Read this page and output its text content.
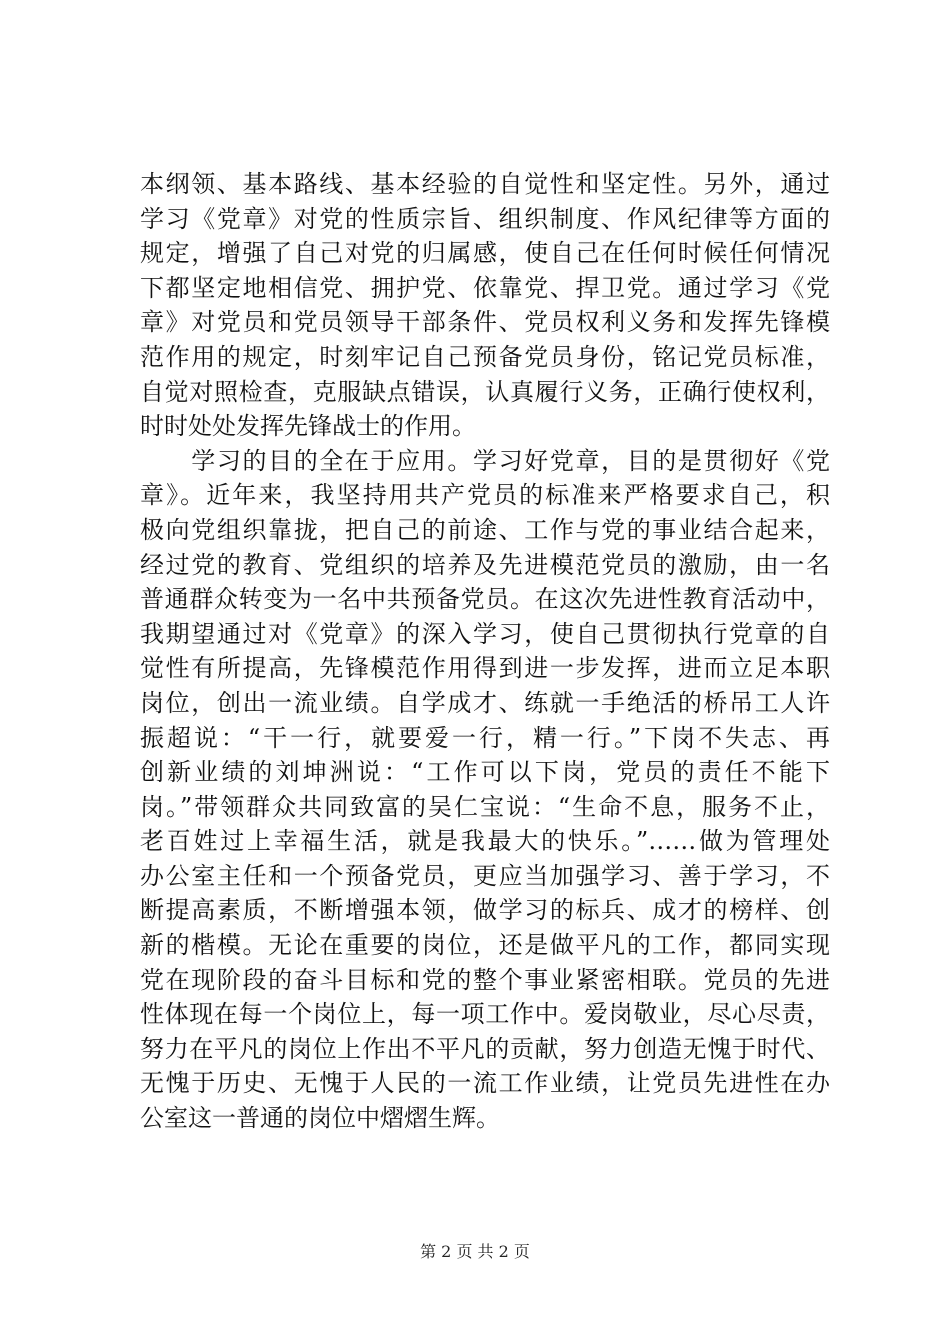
本纲领、基本路线、基本经验的自觉性和坚定性。另外，通过
学习《党章》对党的性质宗旨、组织制度、作风纪律等方面的
规定，增强了自己对党的归属感，使自己在任何时候任何情况
下都坚定地相信党、拥护党、依靠党、捍卫党。通过学习《党
章》对党员和党员领导干部条件、党员权利义务和发挥先锋模
范作用的规定，时刻牢记自己预备党员身份，铭记党员标准，
自觉对照检查，克服缺点错误，认真履行义务，正确行使权利，
时时处处发挥先锋战士的作用。
　　学习的目的全在于应用。学习好党章，目的是贯彻好《党
章》。近年来，我坚持用共产党员的标准来严格要求自己，积
极向党组织靠拢，把自己的前途、工作与党的事业结合起来，
经过党的教育、党组织的培养及先进模范党员的激励，由一名
普通群众转变为一名中共预备党员。在这次先进性教育活动中，
我期望通过对《党章》的深入学习，使自己贯彻执行党章的自
觉性有所提高，先锋模范作用得到进一步发挥，进而立足本职
岗位，创出一流业绩。自学成才、练就一手绝活的桥吊工人许
振超说：“干一行，就要爱一行，精一行。”下岗不失志、再
创新业绩的刘坤洲说：“工作可以下岗，党员的责任不能下
岗。”带领群众共同致富的吴仁宝说：“生命不息，服务不止，
老百姓过上幸福生活，就是我最大的快乐。”……做为管理处
办公室主任和一个预备党员，更应当加强学习、善于学习，不
断提高素质，不断增强本领，做学习的标兵、成才的榜样、创
新的楷模。无论在重要的岗位，还是做平凡的工作，都同实现
党在现阶段的奋斗目标和党的整个事业紧密相联。党员的先进
性体现在每一个岗位上，每一项工作中。爱岗敬业，尽心尽责，
努力在平凡的岗位上作出不平凡的贡献，努力创造无愧于时代、
无愧于历史、无愧于人民的一流工作业绩，让党员先进性在办
公室这一普通的岗位中熠熠生辉。
第 2 页 共 2 页
